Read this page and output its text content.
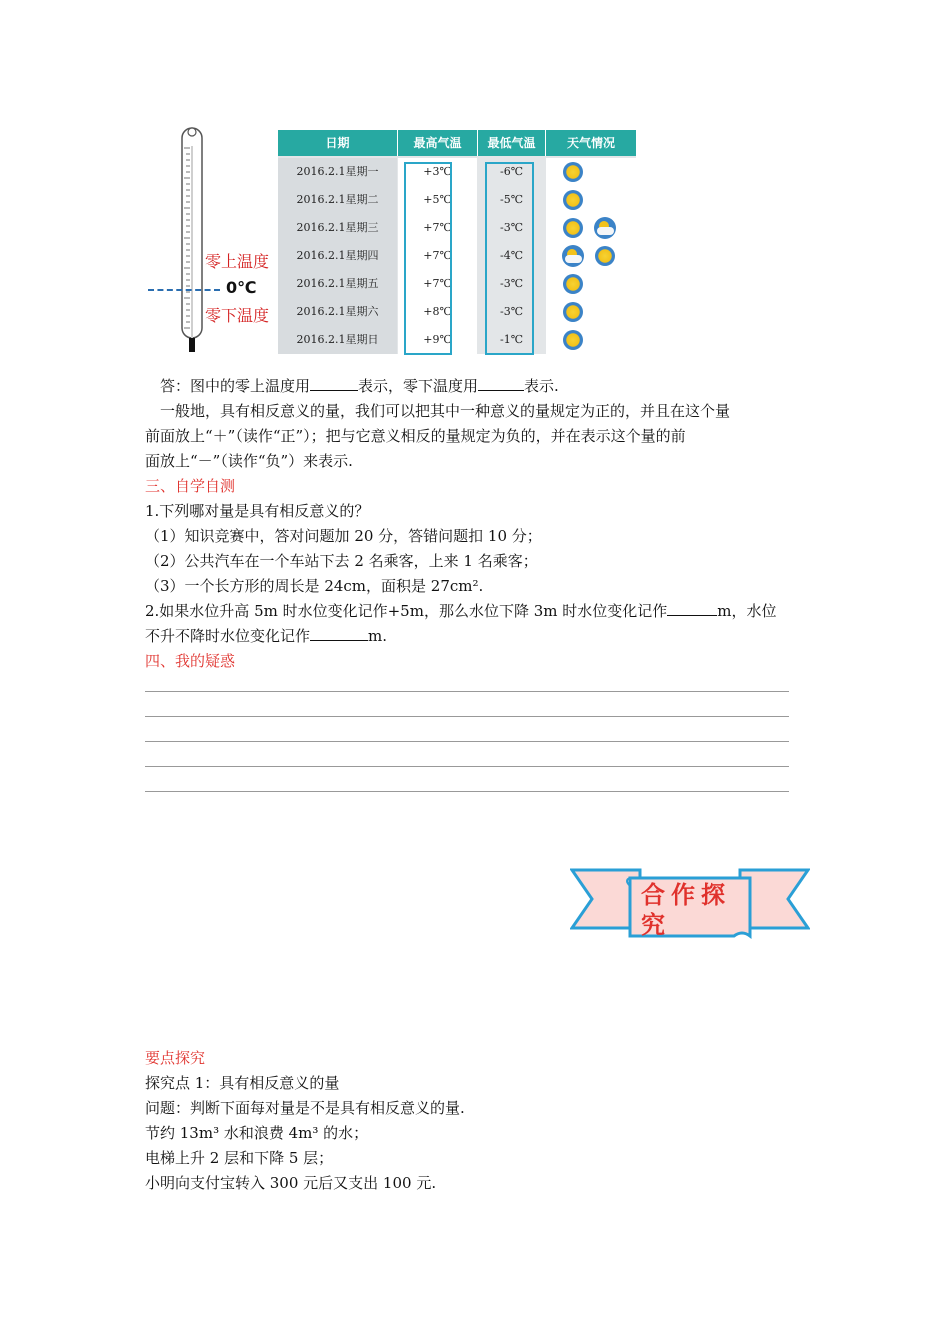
零上温度
0℃
零下温度
日期	最高气温	最低气温	天气情况
2016.2.1星期一	+3℃	-6℃
2016.2.1星期二	+5℃	-5℃
2016.2.1星期三	+7℃	-3℃
2016.2.1星期四	+7℃	-4℃
2016.2.1星期五	+7℃	-3℃
2016.2.1星期六	+8℃	-3℃
2016.2.1星期日	+9℃	-1℃
答：图中的零上温度用	表示，零下温度用	表示.
一般地，具有相反意义的量，我们可以把其中一种意义的量规定为正的，并且在这个量
前面放上“＋”（读作“正”）；把与它意义相反的量规定为负的，并在表示这个量的前
面放上“－”（读作“负”）来表示.
三、自学自测
1.下列哪对量是具有相反意义的？
（1）知识竞赛中，答对问题加 20 分，答错问题扣 10 分；
（2）公共汽车在一个车站下去 2 名乘客，上来 1 名乘客；
（3）一个长方形的周长是 24cm，面积是 27cm².
2.如果水位升高 5m 时水位变化记作+5m，那么水位下降 3m 时水位变化记作	m，水位
不升不降时水位变化记作	m.
四、我的疑惑
合作探究
要点探究
探究点 1：具有相反意义的量
问题：判断下面每对量是不是具有相反意义的量.
节约 13m³ 水和浪费 4m³ 的水；
电梯上升 2 层和下降 5 层；
小明向支付宝转入 300 元后又支出 100 元.
